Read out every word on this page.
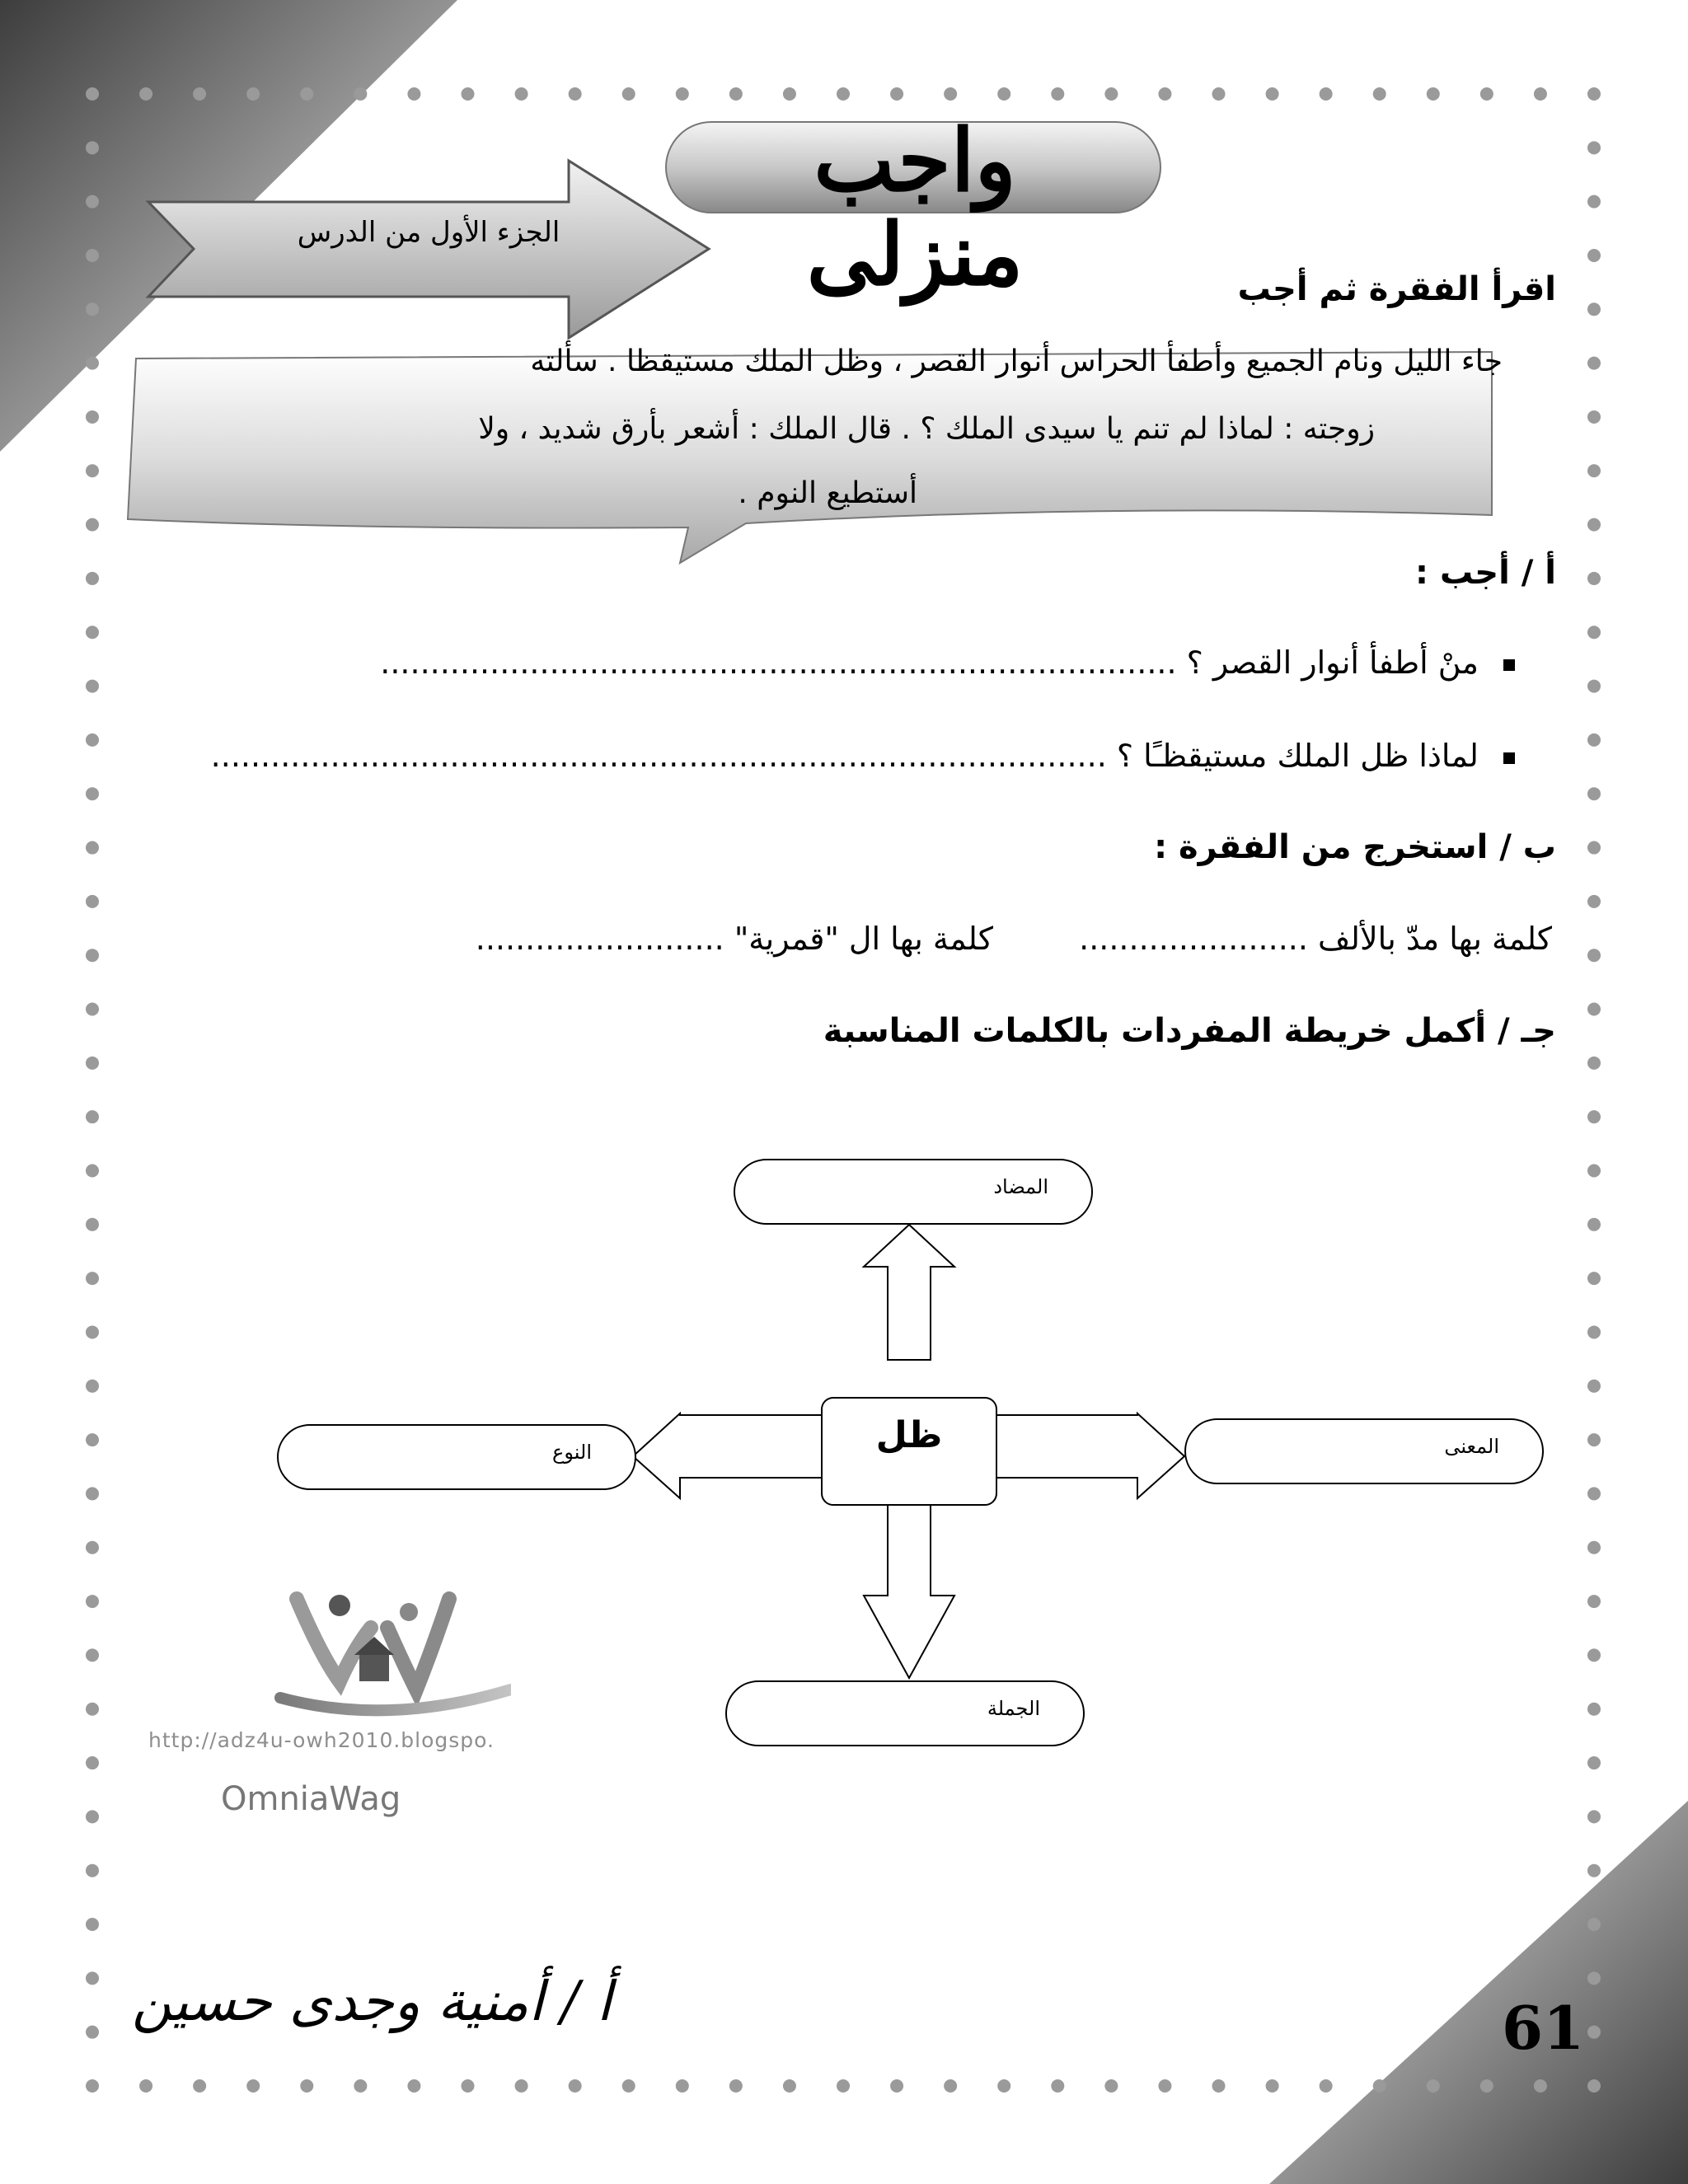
واجب منزلى
الجزء الأول من الدرس
اقرأ الفقرة ثم أجب
جاء الليل ونام الجميع وأطفأ الحراس أنوار القصر ، وظل الملك مستيقظا . سألته
زوجته : لماذا لم تنم يا سيدى الملك ؟ . قال الملك : أشعر بأرق شديد ، ولا
أستطيع النوم .
أ / أجب :
منْ أطفأ أنوار القصر ؟ ................................................................................
لماذا ظل الملك مستيقظـًا ؟ ..........................................................................................
ب / استخرج من الفقرة :
كلمة بها مدّ بالألف .......................  كلمة بها ال "قمرية" .........................
جـ / أكمل خريطة المفردات بالكلمات المناسبة
ظل
المضاد
النوع	المعنى
الجملة
http://adz4u-owh2010.blogspo.
OmniaWag
أ / أمنية وجدى حسين	61
